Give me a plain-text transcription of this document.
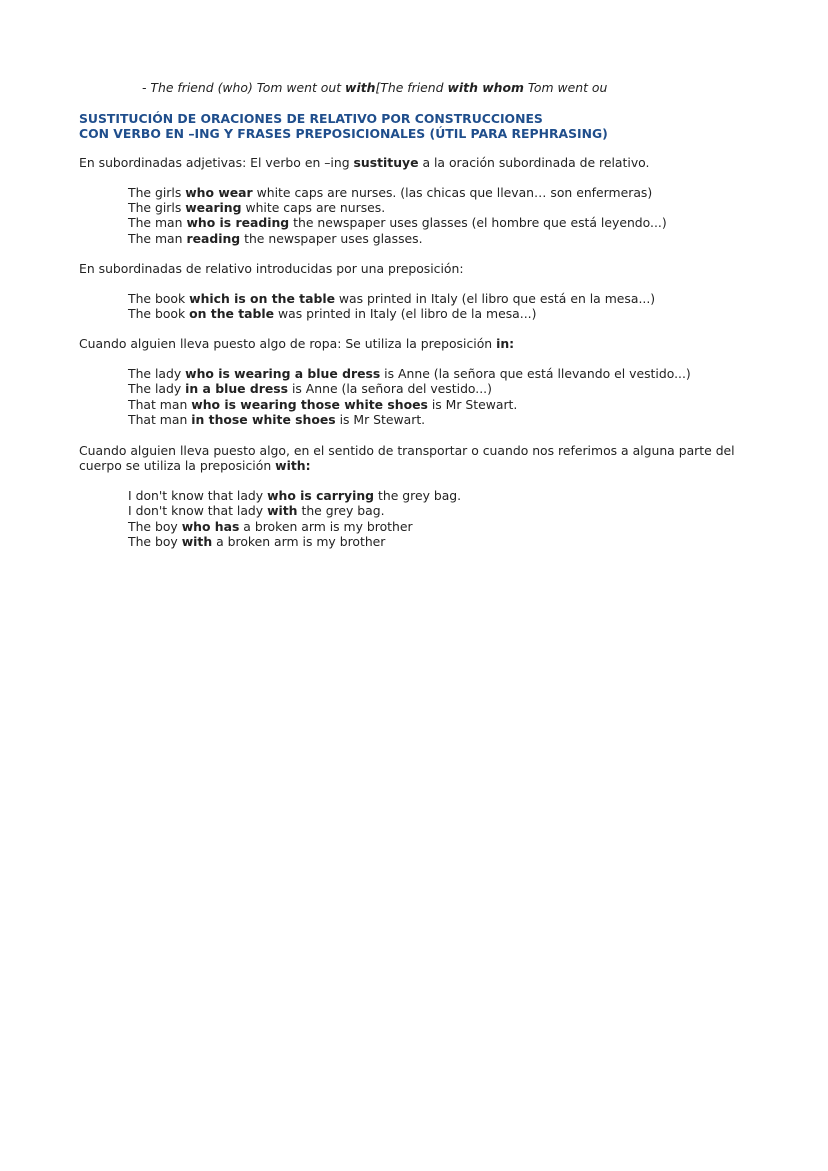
- The friend (who) Tom went out with[The friend with whom Tom went ou
SUSTITUCIÓN DE ORACIONES DE RELATIVO POR CONSTRUCCIONES
CON VERBO EN –ING Y FRASES PREPOSICIONALES (ÚTIL PARA REPHRASING)
En subordinadas adjetivas: El verbo en –ing sustituye a la oración subordinada de relativo.
The girls who wear white caps are nurses. (las chicas que llevan… son enfermeras)
The girls wearing white caps are nurses.
The man who is reading the newspaper uses glasses (el hombre que está leyendo...)
The man reading the newspaper uses glasses.
En subordinadas de relativo introducidas por una preposición:
The book which is on the table was printed in Italy (el libro que está en la mesa...)
The book on the table was printed in Italy (el libro de la mesa...)
Cuando alguien lleva puesto algo de ropa: Se utiliza la preposición in:
The lady who is wearing a blue dress is Anne (la señora que está llevando el vestido...)
The lady in a blue dress is Anne (la señora del vestido...)
That man who is wearing those white shoes is Mr Stewart.
That man in those white shoes is Mr Stewart.
Cuando alguien lleva puesto algo, en el sentido de transportar o cuando nos referimos a alguna parte del
cuerpo se utiliza la preposición with:
I don't know that lady who is carrying the grey bag.
I don't know that lady with the grey bag.
The boy who has a broken arm is my brother
The boy with a broken arm is my brother
